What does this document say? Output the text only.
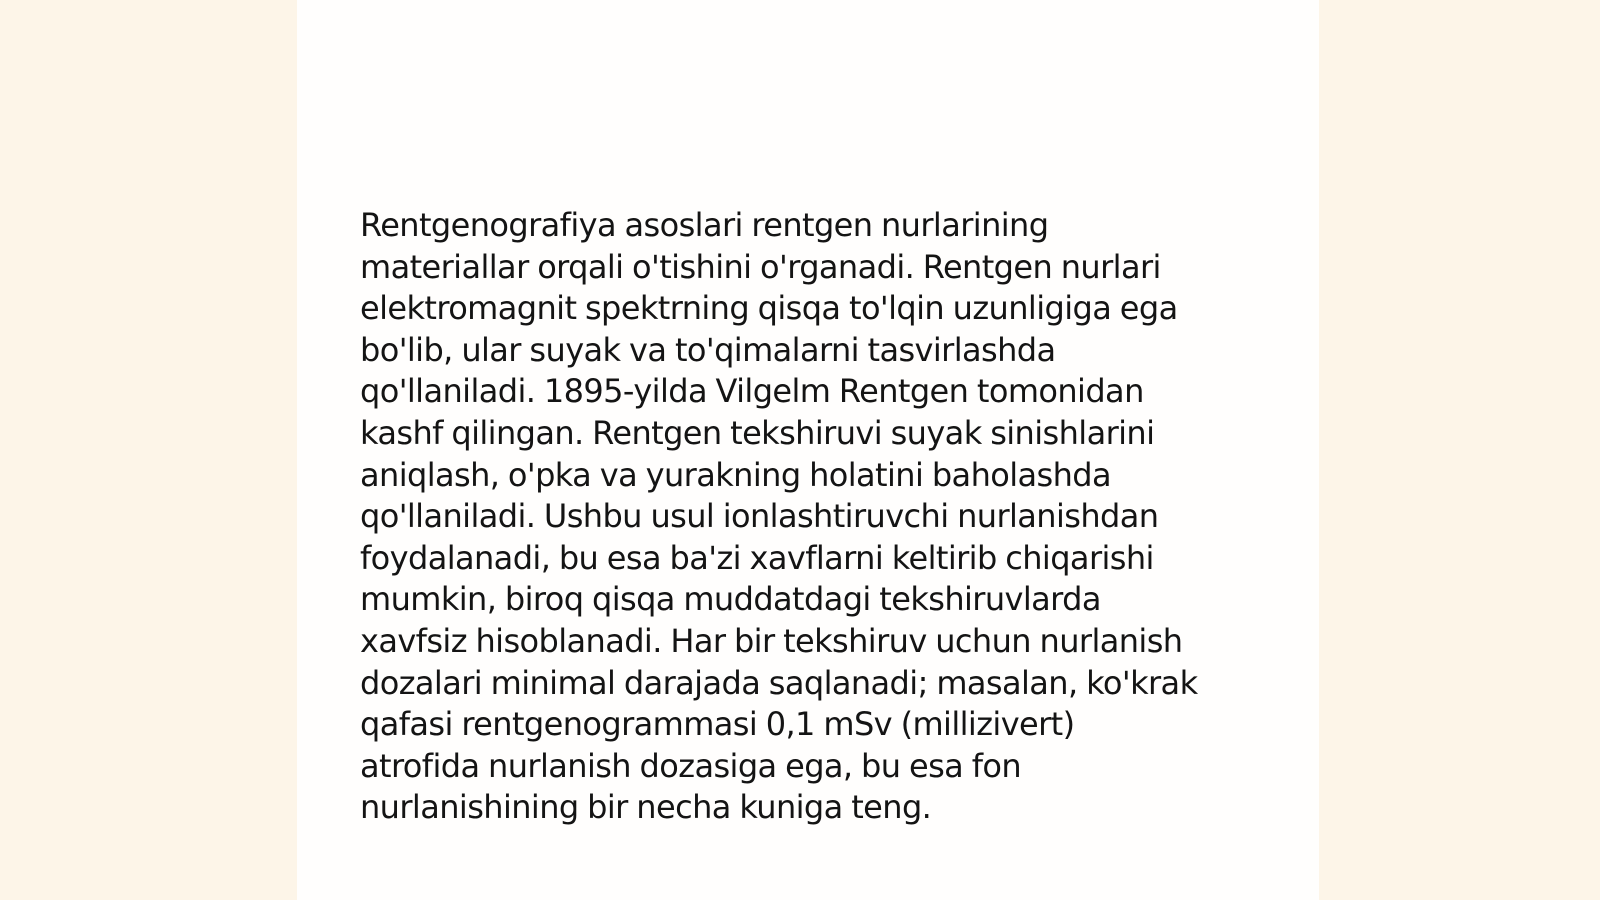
Rentgenografiya asoslari rentgen nurlarining
materiallar orqali o'tishini o'rganadi. Rentgen nurlari
elektromagnit spektrning qisqa to'lqin uzunligiga ega
bo'lib, ular suyak va to'qimalarni tasvirlashda
qo'llaniladi. 1895-yilda Vilgelm Rentgen tomonidan
kashf qilingan. Rentgen tekshiruvi suyak sinishlarini
aniqlash, o'pka va yurakning holatini baholashda
qo'llaniladi. Ushbu usul ionlashtiruvchi nurlanishdan
foydalanadi, bu esa ba'zi xavflarni keltirib chiqarishi
mumkin, biroq qisqa muddatdagi tekshiruvlarda
xavfsiz hisoblanadi. Har bir tekshiruv uchun nurlanish
dozalari minimal darajada saqlanadi; masalan, ko'krak
qafasi rentgenogrammasi 0,1 mSv (millizivert)
atrofida nurlanish dozasiga ega, bu esa fon
nurlanishining bir necha kuniga teng.
